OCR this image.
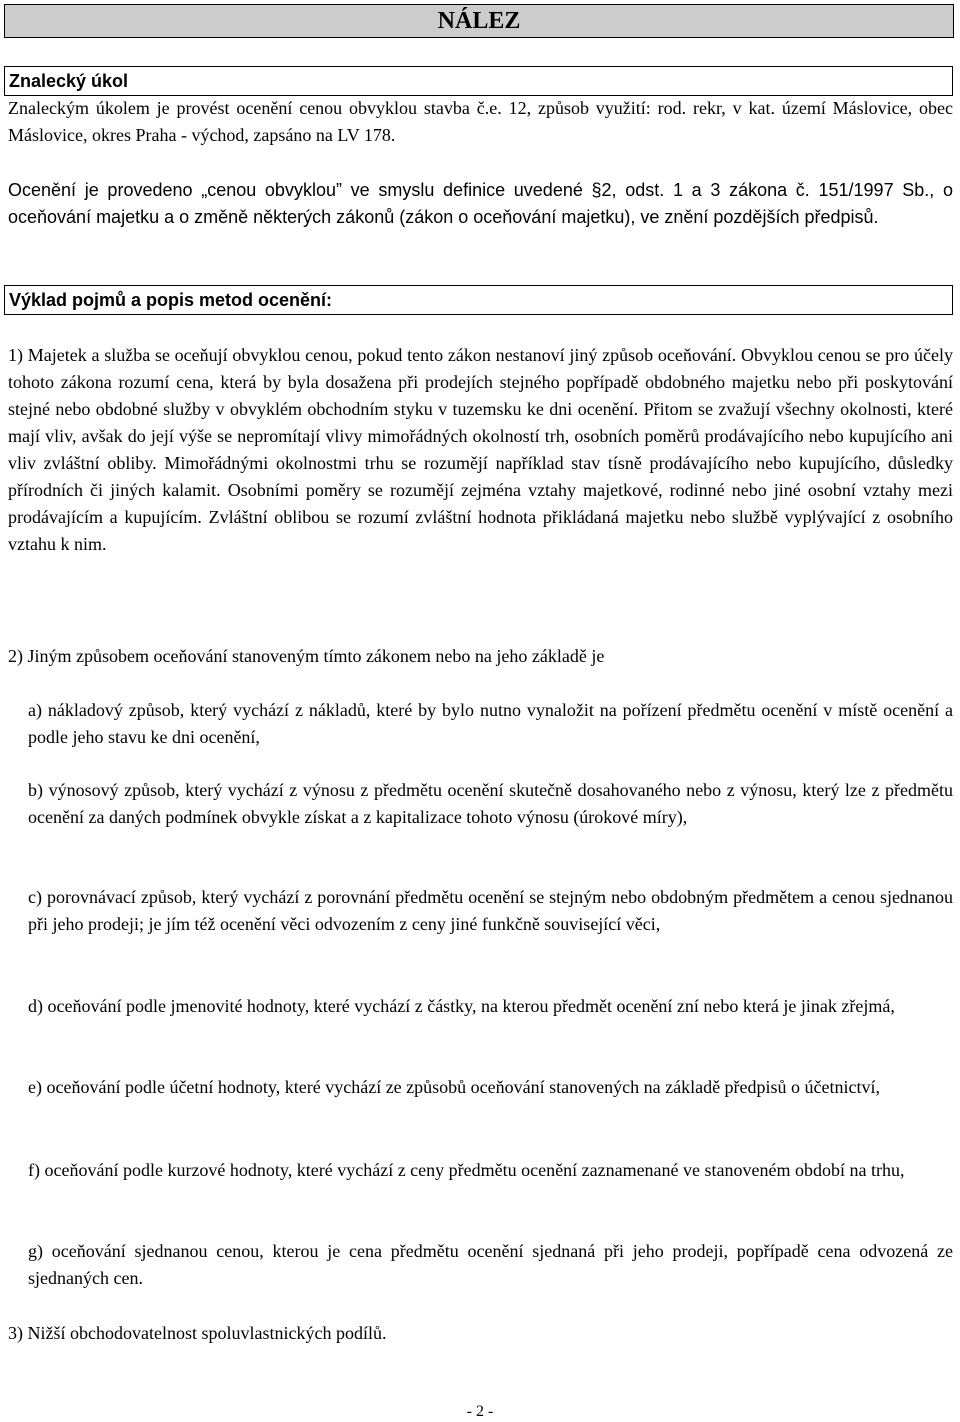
NÁLEZ
Znalecký úkol

Znaleckým úkolem je provést ocenění cenou obvyklou stavba č.e. 12, způsob využití: rod. rekr, v kat. území Máslovice, obec Máslovice, okres Praha - východ, zapsáno na LV 178.

Ocenění je provedeno „cenou obvyklou” ve smyslu definice uvedené §2, odst. 1 a 3 zákona č. 151/1997 Sb., o oceňování majetku a o změně některých zákonů (zákon o oceňování majetku), ve znění pozdějších předpisů.

Výklad pojmů a popis metod ocenění:

1) Majetek a služba se oceňují obvyklou cenou, pokud tento zákon nestanoví jiný způsob oceňování. Obvyklou cenou se pro účely tohoto zákona rozumí cena, která by byla dosažena při prodejích stejného popřípadě obdobného majetku nebo při poskytování stejné nebo obdobné služby v obvyklém obchodním styku v tuzemsku ke dni ocenění. Přitom se zvažují všechny okolnosti, které mají vliv, avšak do její výše se nepromítají vlivy mimořádných okolností trh, osobních poměrů prodávajícího nebo kupujícího ani vliv zvláštní obliby. Mimořádnými okolnostmi trhu se rozumějí například stav tísně prodávajícího nebo kupujícího, důsledky přírodních či jiných kalamit. Osobními poměry se rozumějí zejména vztahy majetkové, rodinné nebo jiné osobní vztahy mezi prodávajícím a kupujícím. Zvláštní oblibou se rozumí zvláštní hodnota přikládaná majetku nebo službě vyplývající z osobního vztahu k nim.

2) Jiným způsobem oceňování stanoveným tímto zákonem nebo na jeho základě je

a) nákladový způsob, který vychází z nákladů, které by bylo nutno vynaložit na pořízení předmětu ocenění v místě ocenění a podle jeho stavu ke dni ocenění,

b) výnosový způsob, který vychází z výnosu z předmětu ocenění skutečně dosahovaného nebo z výnosu, který lze z předmětu ocenění za daných podmínek obvykle získat a z kapitalizace tohoto výnosu (úrokové míry),

c) porovnávací způsob, který vychází z porovnání předmětu ocenění se stejným nebo obdobným předmětem a cenou sjednanou při jeho prodeji; je jím též ocenění věci odvozením z ceny jiné funkčně související věci,

d) oceňování podle jmenovité hodnoty, které vychází z částky, na kterou předmět ocenění zní nebo která je jinak zřejmá,

e) oceňování podle účetní hodnoty, které vychází ze způsobů oceňování stanovených na základě předpisů o účetnictví,

f) oceňování podle kurzové hodnoty, které vychází z ceny předmětu ocenění zaznamenané ve stanoveném období na trhu,

g) oceňování sjednanou cenou, kterou je cena předmětu ocenění sjednaná při jeho prodeji, popřípadě cena odvozená ze sjednaných cen.

3) Nižší obchodovatelnost spoluvlastnických podílů.

- 2 -
